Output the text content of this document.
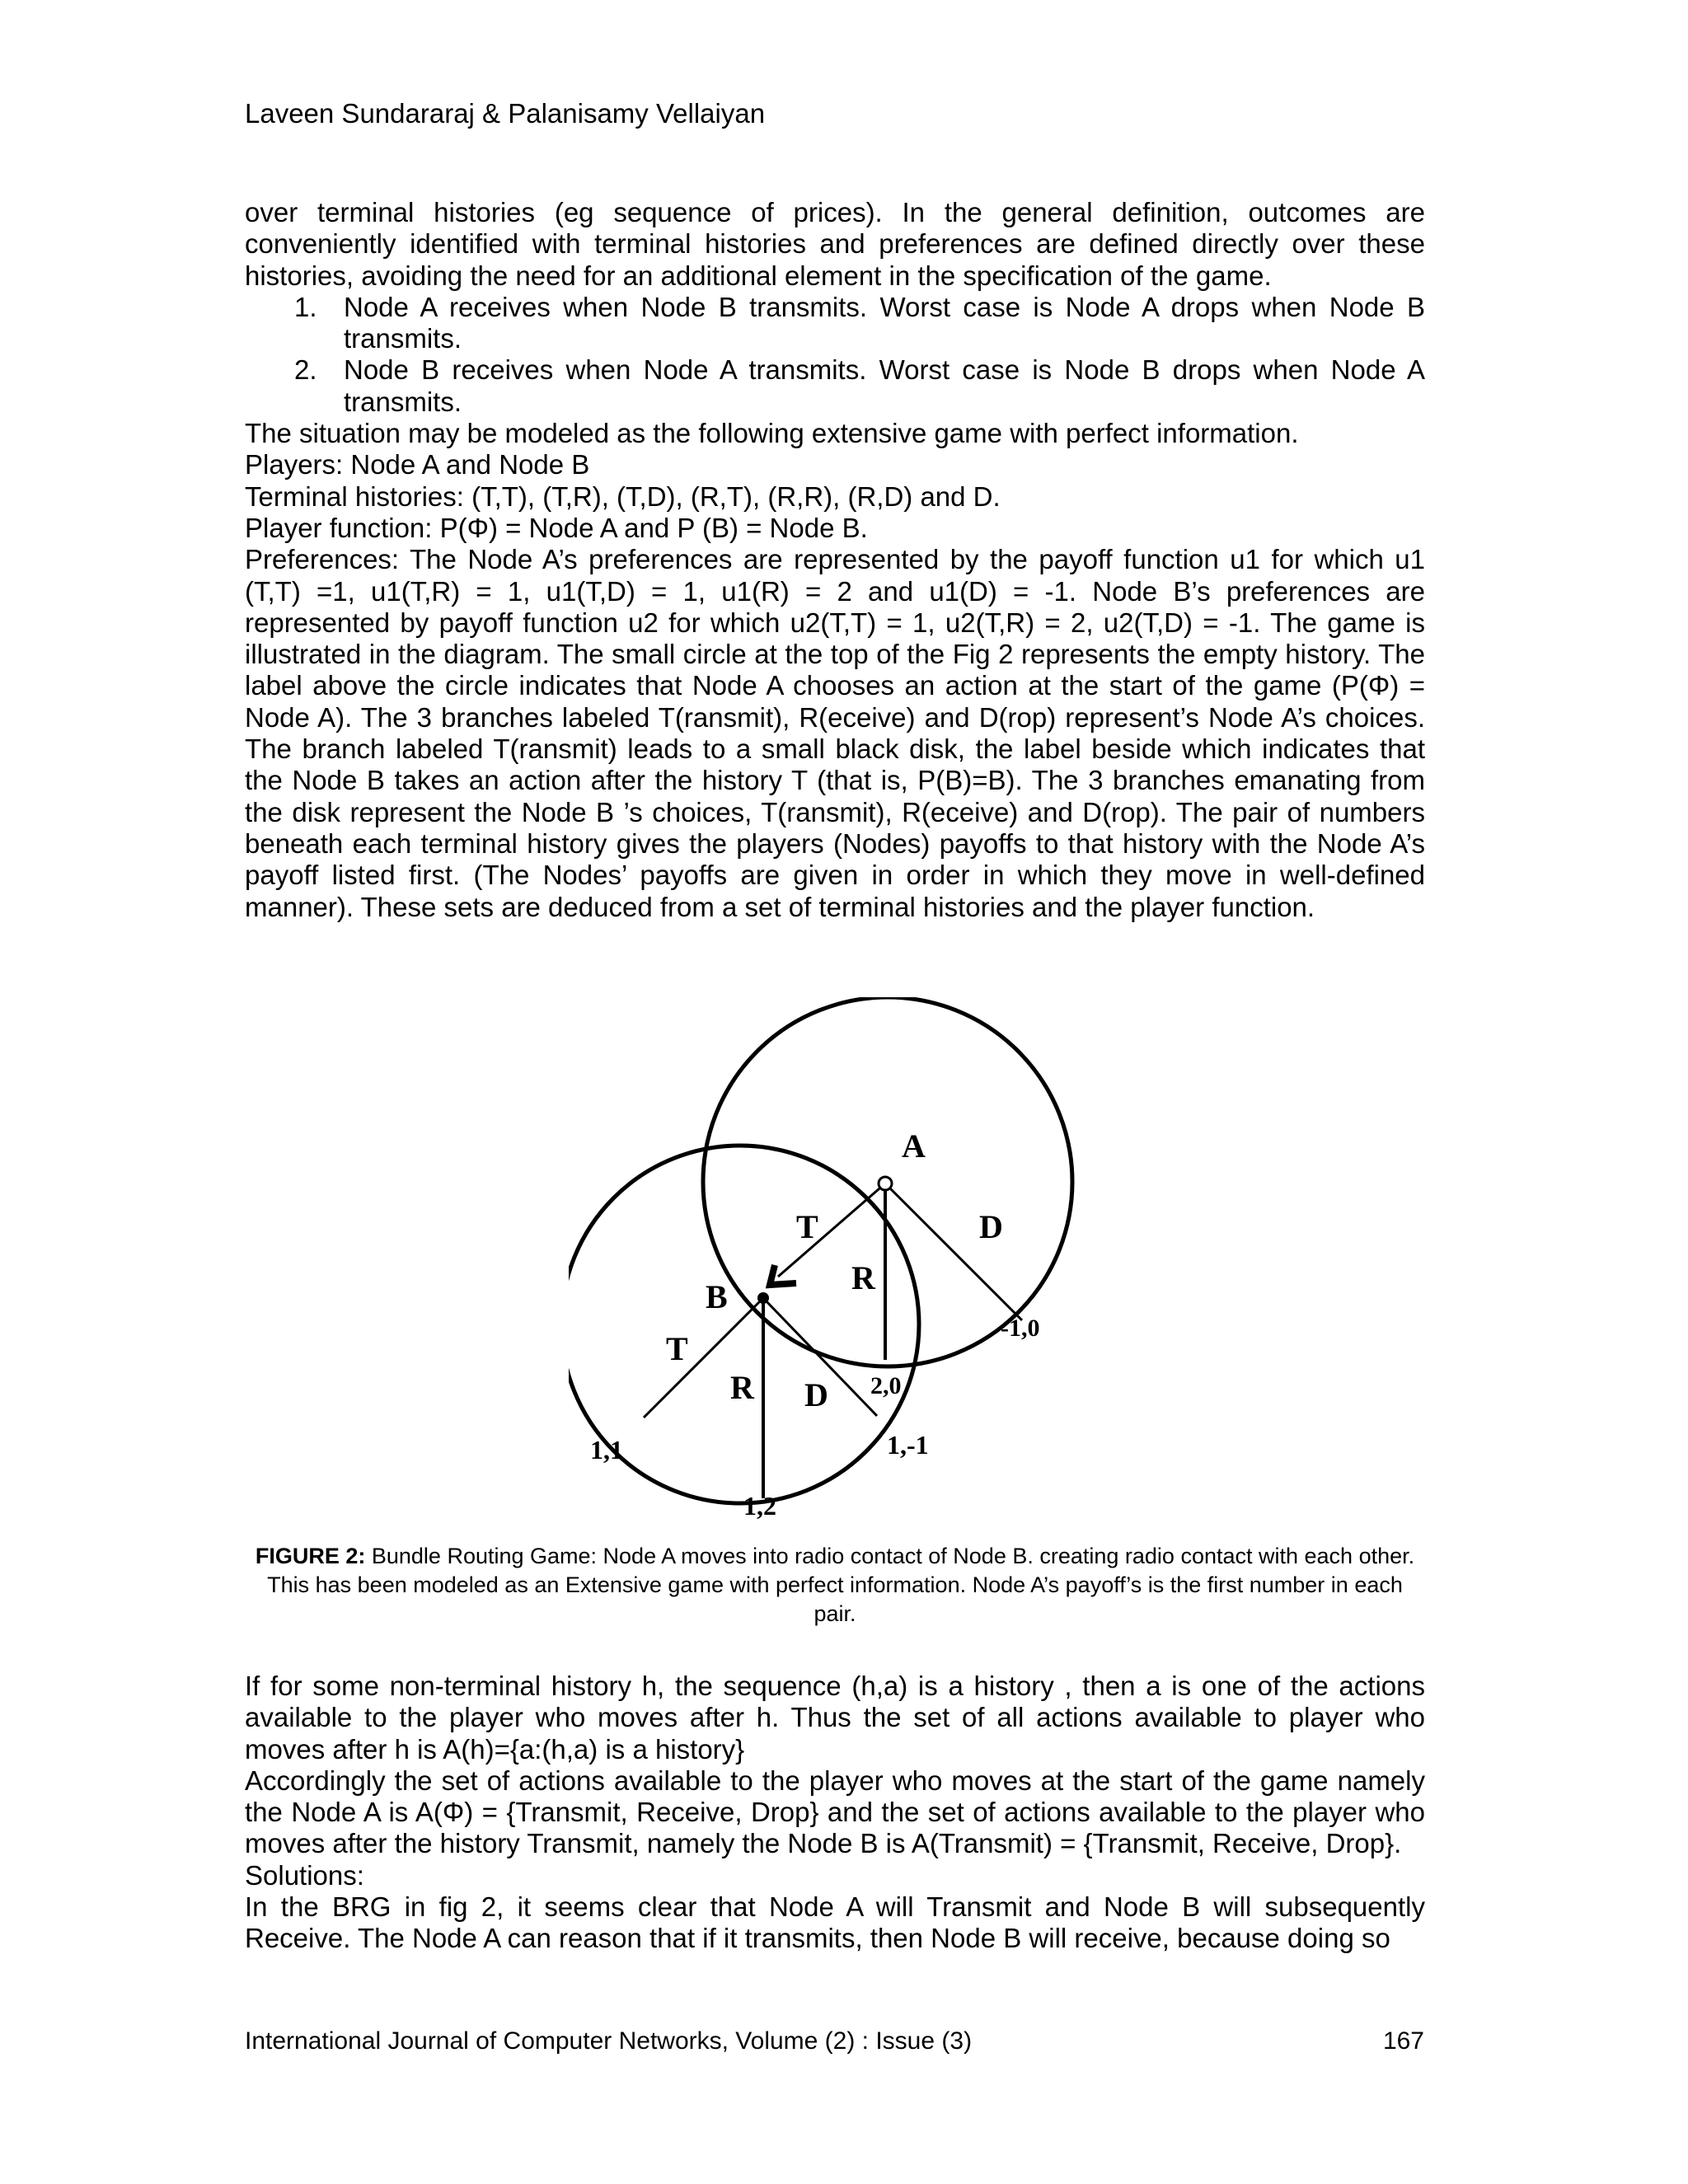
Laveen Sundararaj & Palanisamy Vellaiyan

over terminal histories (eg sequence of prices). In the general definition, outcomes are conveniently identified with terminal histories and preferences are defined directly over these histories, avoiding the need for an additional element in the specification of the game.

1. Node A receives when Node B transmits. Worst case is Node A drops when Node B transmits.
2. Node B receives when Node A transmits. Worst case is Node B drops when Node A transmits.

The situation may be modeled as the following extensive game with perfect information.

Players: Node A and Node B

Terminal histories: (T,T), (T,R), (T,D), (R,T), (R,R), (R,D) and D.

Player function: P(Φ) = Node A and P (B) = Node B.

Preferences: The Node A’s preferences are represented by the payoff function u1 for which u1 (T,T) =1, u1(T,R) = 1, u1(T,D) = 1, u1(R) = 2 and u1(D) = -1. Node B’s preferences are represented by payoff function u2 for which u2(T,T) = 1, u2(T,R) = 2, u2(T,D) = -1. The game is illustrated in the diagram. The small circle at the top of the Fig 2 represents the empty history. The label above the circle indicates that Node A chooses an action at the start of the game (P(Φ) = Node A). The 3 branches labeled T(ransmit), R(eceive) and D(rop) represent’s Node A’s choices. The branch labeled T(ransmit) leads to a small black disk, the label beside which indicates that the Node B takes an action after the history T (that is, P(B)=B). The 3 branches emanating from the disk represent the Node B ’s choices, T(ransmit), R(eceive) and D(rop). The pair of numbers beneath each terminal history gives the players (Nodes) payoffs to that history with the Node A’s payoff listed first. (The Nodes’ payoffs are given in order in which they move in well-defined manner). These sets are deduced from a set of terminal histories and the player function.

A
B
T
R
D
T
R D 2,0
-1,0
1,1
1,2
1,-1
FIGURE 2: Bundle Routing Game: Node A moves into radio contact of Node B. creating radio contact with each other. This has been modeled as an Extensive game with perfect information. Node A’s payoff’s is the first number in each pair.

If for some non-terminal history h, the sequence (h,a) is a history , then a is one of the actions available to the player who moves after h. Thus the set of all actions available to player who moves after h is A(h)={a:(h,a) is a history}

Accordingly the set of actions available to the player who moves at the start of the game namely the Node A is A(Φ) = {Transmit, Receive, Drop} and the set of actions available to the player who moves after the history Transmit, namely the Node B is A(Transmit) = {Transmit, Receive, Drop}.

Solutions:

In the BRG in fig 2, it seems clear that Node A will Transmit and Node B will subsequently Receive. The Node A can reason that if it transmits, then Node B will receive, because doing so

International Journal of Computer Networks, Volume (2) : Issue (3)	167
